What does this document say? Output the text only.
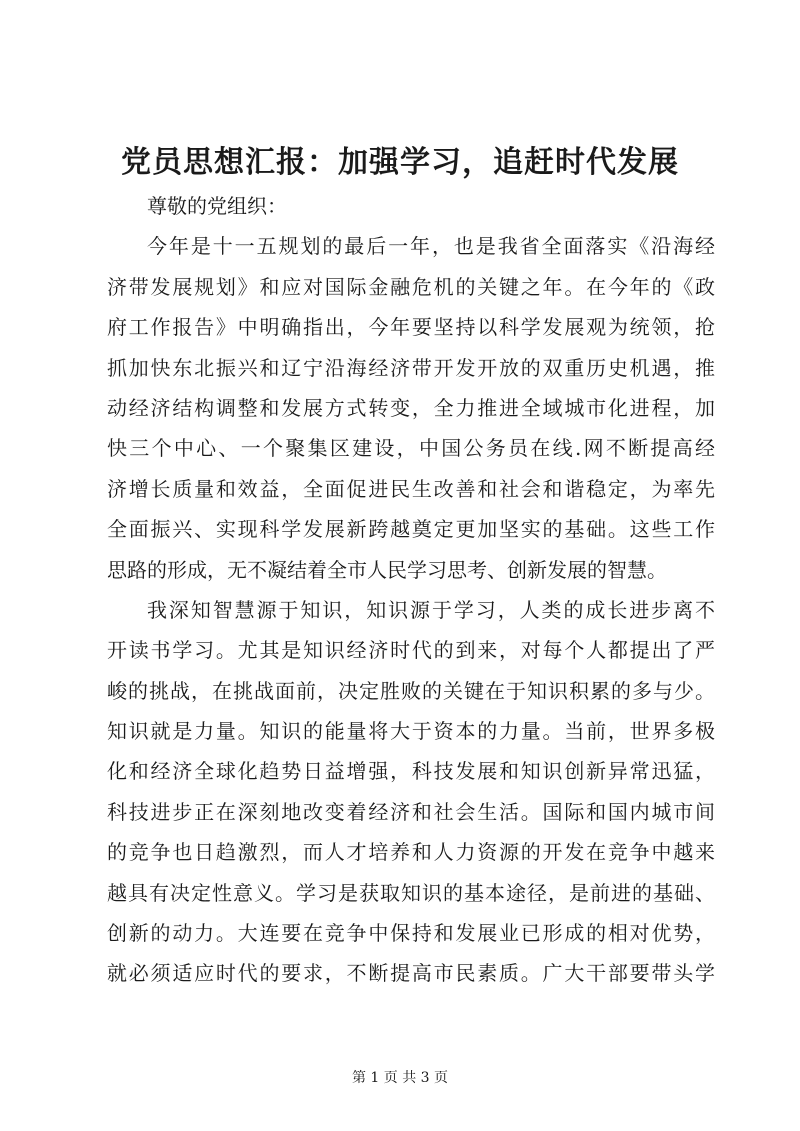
党员思想汇报：加强学习，追赶时代发展
尊敬的党组织：
今年是十一五规划的最后一年，也是我省全面落实《沿海经
济带发展规划》和应对国际金融危机的关键之年。在今年的《政
府工作报告》中明确指出，今年要坚持以科学发展观为统领，抢
抓加快东北振兴和辽宁沿海经济带开发开放的双重历史机遇，推
动经济结构调整和发展方式转变，全力推进全域城市化进程，加
快三个中心、一个聚集区建设，中国公务员在线.网不断提高经
济增长质量和效益，全面促进民生改善和社会和谐稳定，为率先
全面振兴、实现科学发展新跨越奠定更加坚实的基础。这些工作
思路的形成，无不凝结着全市人民学习思考、创新发展的智慧。
我深知智慧源于知识，知识源于学习，人类的成长进步离不
开读书学习。尤其是知识经济时代的到来，对每个人都提出了严
峻的挑战，在挑战面前，决定胜败的关键在于知识积累的多与少。
知识就是力量。知识的能量将大于资本的力量。当前，世界多极
化和经济全球化趋势日益增强，科技发展和知识创新异常迅猛，
科技进步正在深刻地改变着经济和社会生活。国际和国内城市间
的竞争也日趋激烈，而人才培养和人力资源的开发在竞争中越来
越具有决定性意义。学习是获取知识的基本途径，是前进的基础、
创新的动力。大连要在竞争中保持和发展业已形成的相对优势，
就必须适应时代的要求，不断提高市民素质。广大干部要带头学
第 1 页 共 3 页
